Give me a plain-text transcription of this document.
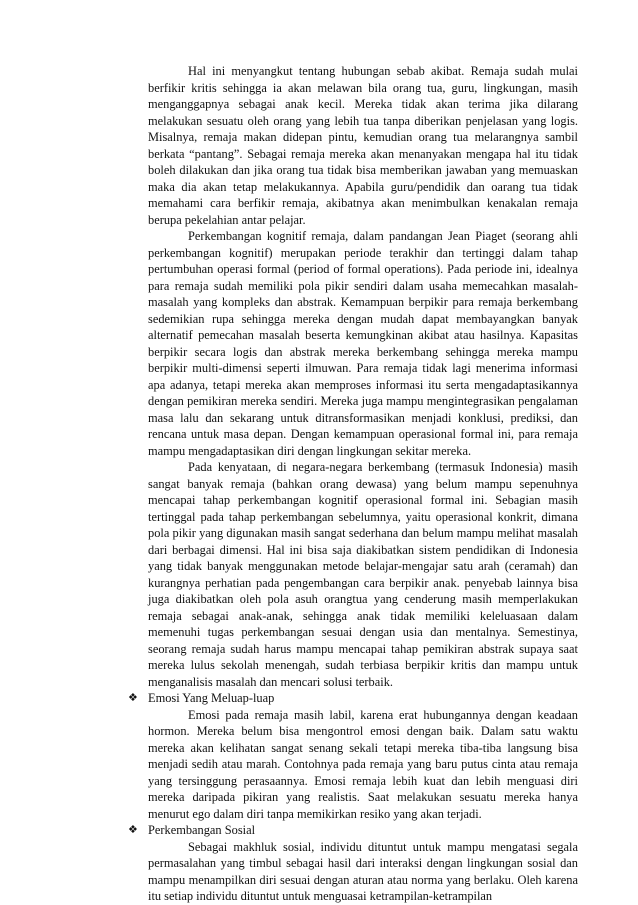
Hal ini menyangkut tentang hubungan sebab akibat. Remaja sudah mulai berfikir kritis sehingga ia akan melawan bila orang tua, guru, lingkungan, masih menganggapnya sebagai anak kecil. Mereka tidak akan terima jika dilarang melakukan sesuatu oleh orang yang lebih tua tanpa diberikan penjelasan yang logis. Misalnya, remaja makan didepan pintu, kemudian orang tua melarangnya sambil berkata “pantang”. Sebagai remaja mereka akan menanyakan mengapa hal itu tidak boleh dilakukan dan jika orang tua tidak bisa memberikan jawaban yang memuaskan maka dia akan tetap melakukannya. Apabila guru/pendidik dan oarang tua tidak memahami cara berfikir remaja, akibatnya akan menimbulkan kenakalan remaja berupa pekelahian antar pelajar.

Perkembangan kognitif remaja, dalam pandangan Jean Piaget (seorang ahli perkembangan kognitif) merupakan periode terakhir dan tertinggi dalam tahap pertumbuhan operasi formal (period of formal operations). Pada periode ini, idealnya para remaja sudah memiliki pola pikir sendiri dalam usaha memecahkan masalah-masalah yang kompleks dan abstrak. Kemampuan berpikir para remaja berkembang sedemikian rupa sehingga mereka dengan mudah dapat membayangkan banyak alternatif pemecahan masalah beserta kemungkinan akibat atau hasilnya. Kapasitas berpikir secara logis dan abstrak mereka berkembang sehingga mereka mampu berpikir multi-dimensi seperti ilmuwan. Para remaja tidak lagi menerima informasi apa adanya, tetapi mereka akan memproses informasi itu serta mengadaptasikannya dengan pemikiran mereka sendiri. Mereka juga mampu mengintegrasikan pengalaman masa lalu dan sekarang untuk ditransformasikan menjadi konklusi, prediksi, dan rencana untuk masa depan. Dengan kemampuan operasional formal ini, para remaja mampu mengadaptasikan diri dengan lingkungan sekitar mereka.

Pada kenyataan, di negara-negara berkembang (termasuk Indonesia) masih sangat banyak remaja (bahkan orang dewasa) yang belum mampu sepenuhnya mencapai tahap perkembangan kognitif operasional formal ini. Sebagian masih tertinggal pada tahap perkembangan sebelumnya, yaitu operasional konkrit, dimana pola pikir yang digunakan masih sangat sederhana dan belum mampu melihat masalah dari berbagai dimensi. Hal ini bisa saja diakibatkan sistem pendidikan di Indonesia yang tidak banyak menggunakan metode belajar-mengajar satu arah (ceramah) dan kurangnya perhatian pada pengembangan cara berpikir anak. penyebab lainnya bisa juga diakibatkan oleh pola asuh orangtua yang cenderung masih memperlakukan remaja sebagai anak-anak, sehingga anak tidak memiliki keleluasaan dalam memenuhi tugas perkembangan sesuai dengan usia dan mentalnya. Semestinya, seorang remaja sudah harus mampu mencapai tahap pemikiran abstrak supaya saat mereka lulus sekolah menengah, sudah terbiasa berpikir kritis dan mampu untuk menganalisis masalah dan mencari solusi terbaik.

❖ Emosi Yang Meluap-luap

Emosi pada remaja masih labil, karena erat hubungannya dengan keadaan hormon. Mereka belum bisa mengontrol emosi dengan baik. Dalam satu waktu mereka akan kelihatan sangat senang sekali tetapi mereka tiba-tiba langsung bisa menjadi sedih atau marah. Contohnya pada remaja yang baru putus cinta atau remaja yang tersinggung perasaannya. Emosi remaja lebih kuat dan lebih menguasi diri mereka daripada pikiran yang realistis. Saat melakukan sesuatu mereka hanya menurut ego dalam diri tanpa memikirkan resiko yang akan terjadi.

❖ Perkembangan Sosial

Sebagai makhluk sosial, individu dituntut untuk mampu mengatasi segala permasalahan yang timbul sebagai hasil dari interaksi dengan lingkungan sosial dan mampu menampilkan diri sesuai dengan aturan atau norma yang berlaku. Oleh karena itu setiap individu dituntut untuk menguasai ketrampilan-ketrampilan
